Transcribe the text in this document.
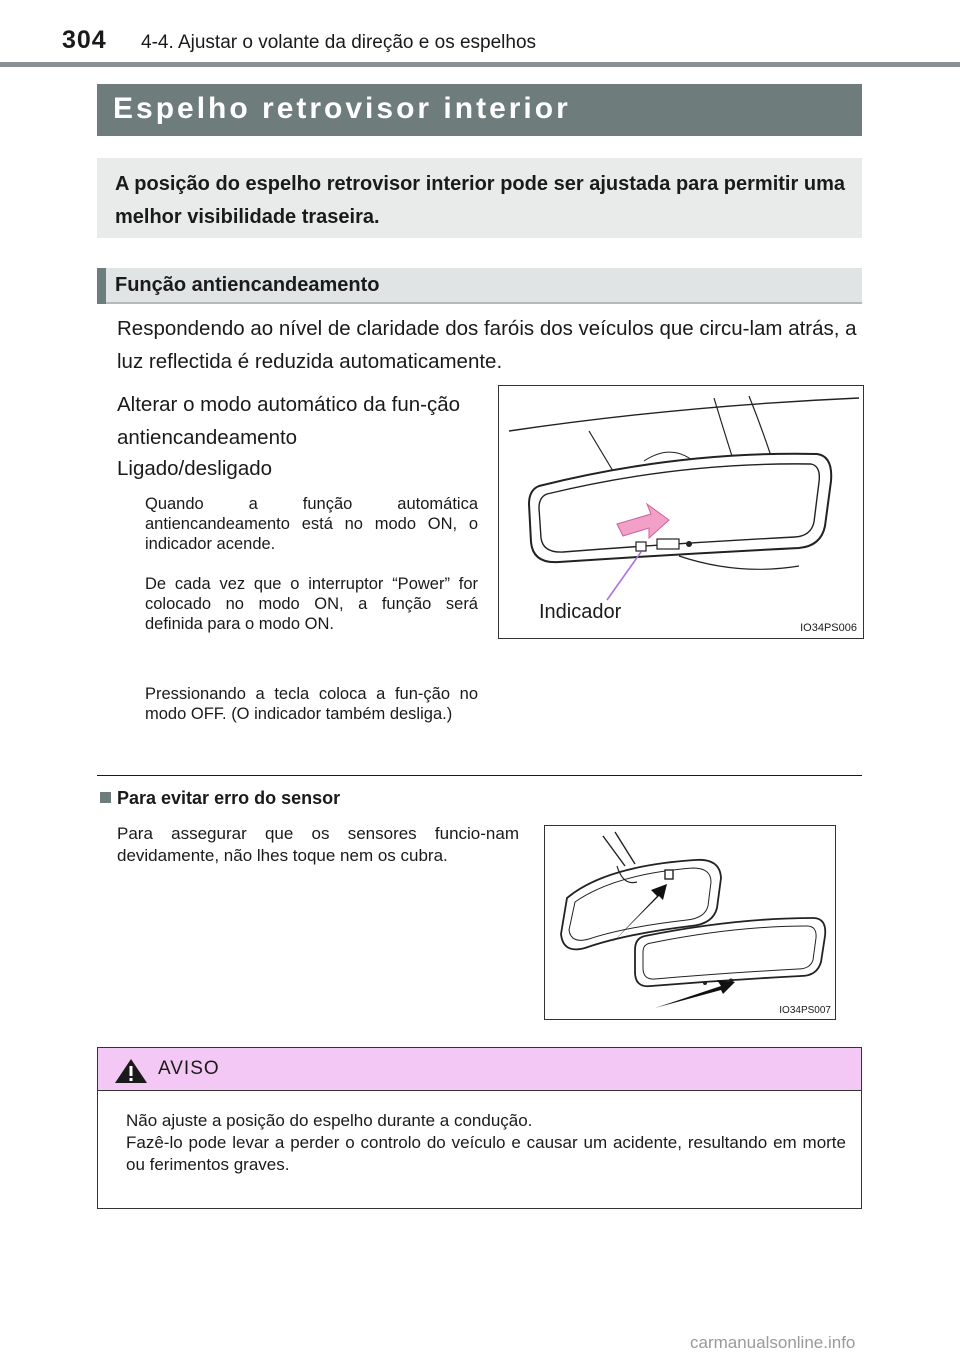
304 4-4. Ajustar o volante da direção e os espelhos
Espelho retrovisor interior
A posição do espelho retrovisor interior pode ser ajustada para permitir uma melhor visibilidade traseira.
Função antiencandeamento
Respondendo ao nível de claridade dos faróis dos veículos que circu-lam atrás, a luz reflectida é reduzida automaticamente.
Alterar o modo automático da fun-ção antiencandeamento
Ligado/desligado
Quando a função automática antiencandeamento está no modo ON, o indicador acende.
De cada vez que o interruptor “Power” for colocado no modo ON, a função será definida para o modo ON.
Pressionando a tecla coloca a fun-ção no modo OFF. (O indicador também desliga.)
Indicador
IO34PS006
Para evitar erro do sensor
Para assegurar que os sensores funcio-nam devidamente, não lhes toque nem os cubra.
IO34PS007
AVISO
Não ajuste a posição do espelho durante a condução.
Fazê-lo pode levar a perder o controlo do veículo e causar um acidente, resultando em morte ou ferimentos graves.
carmanualsonline.info
